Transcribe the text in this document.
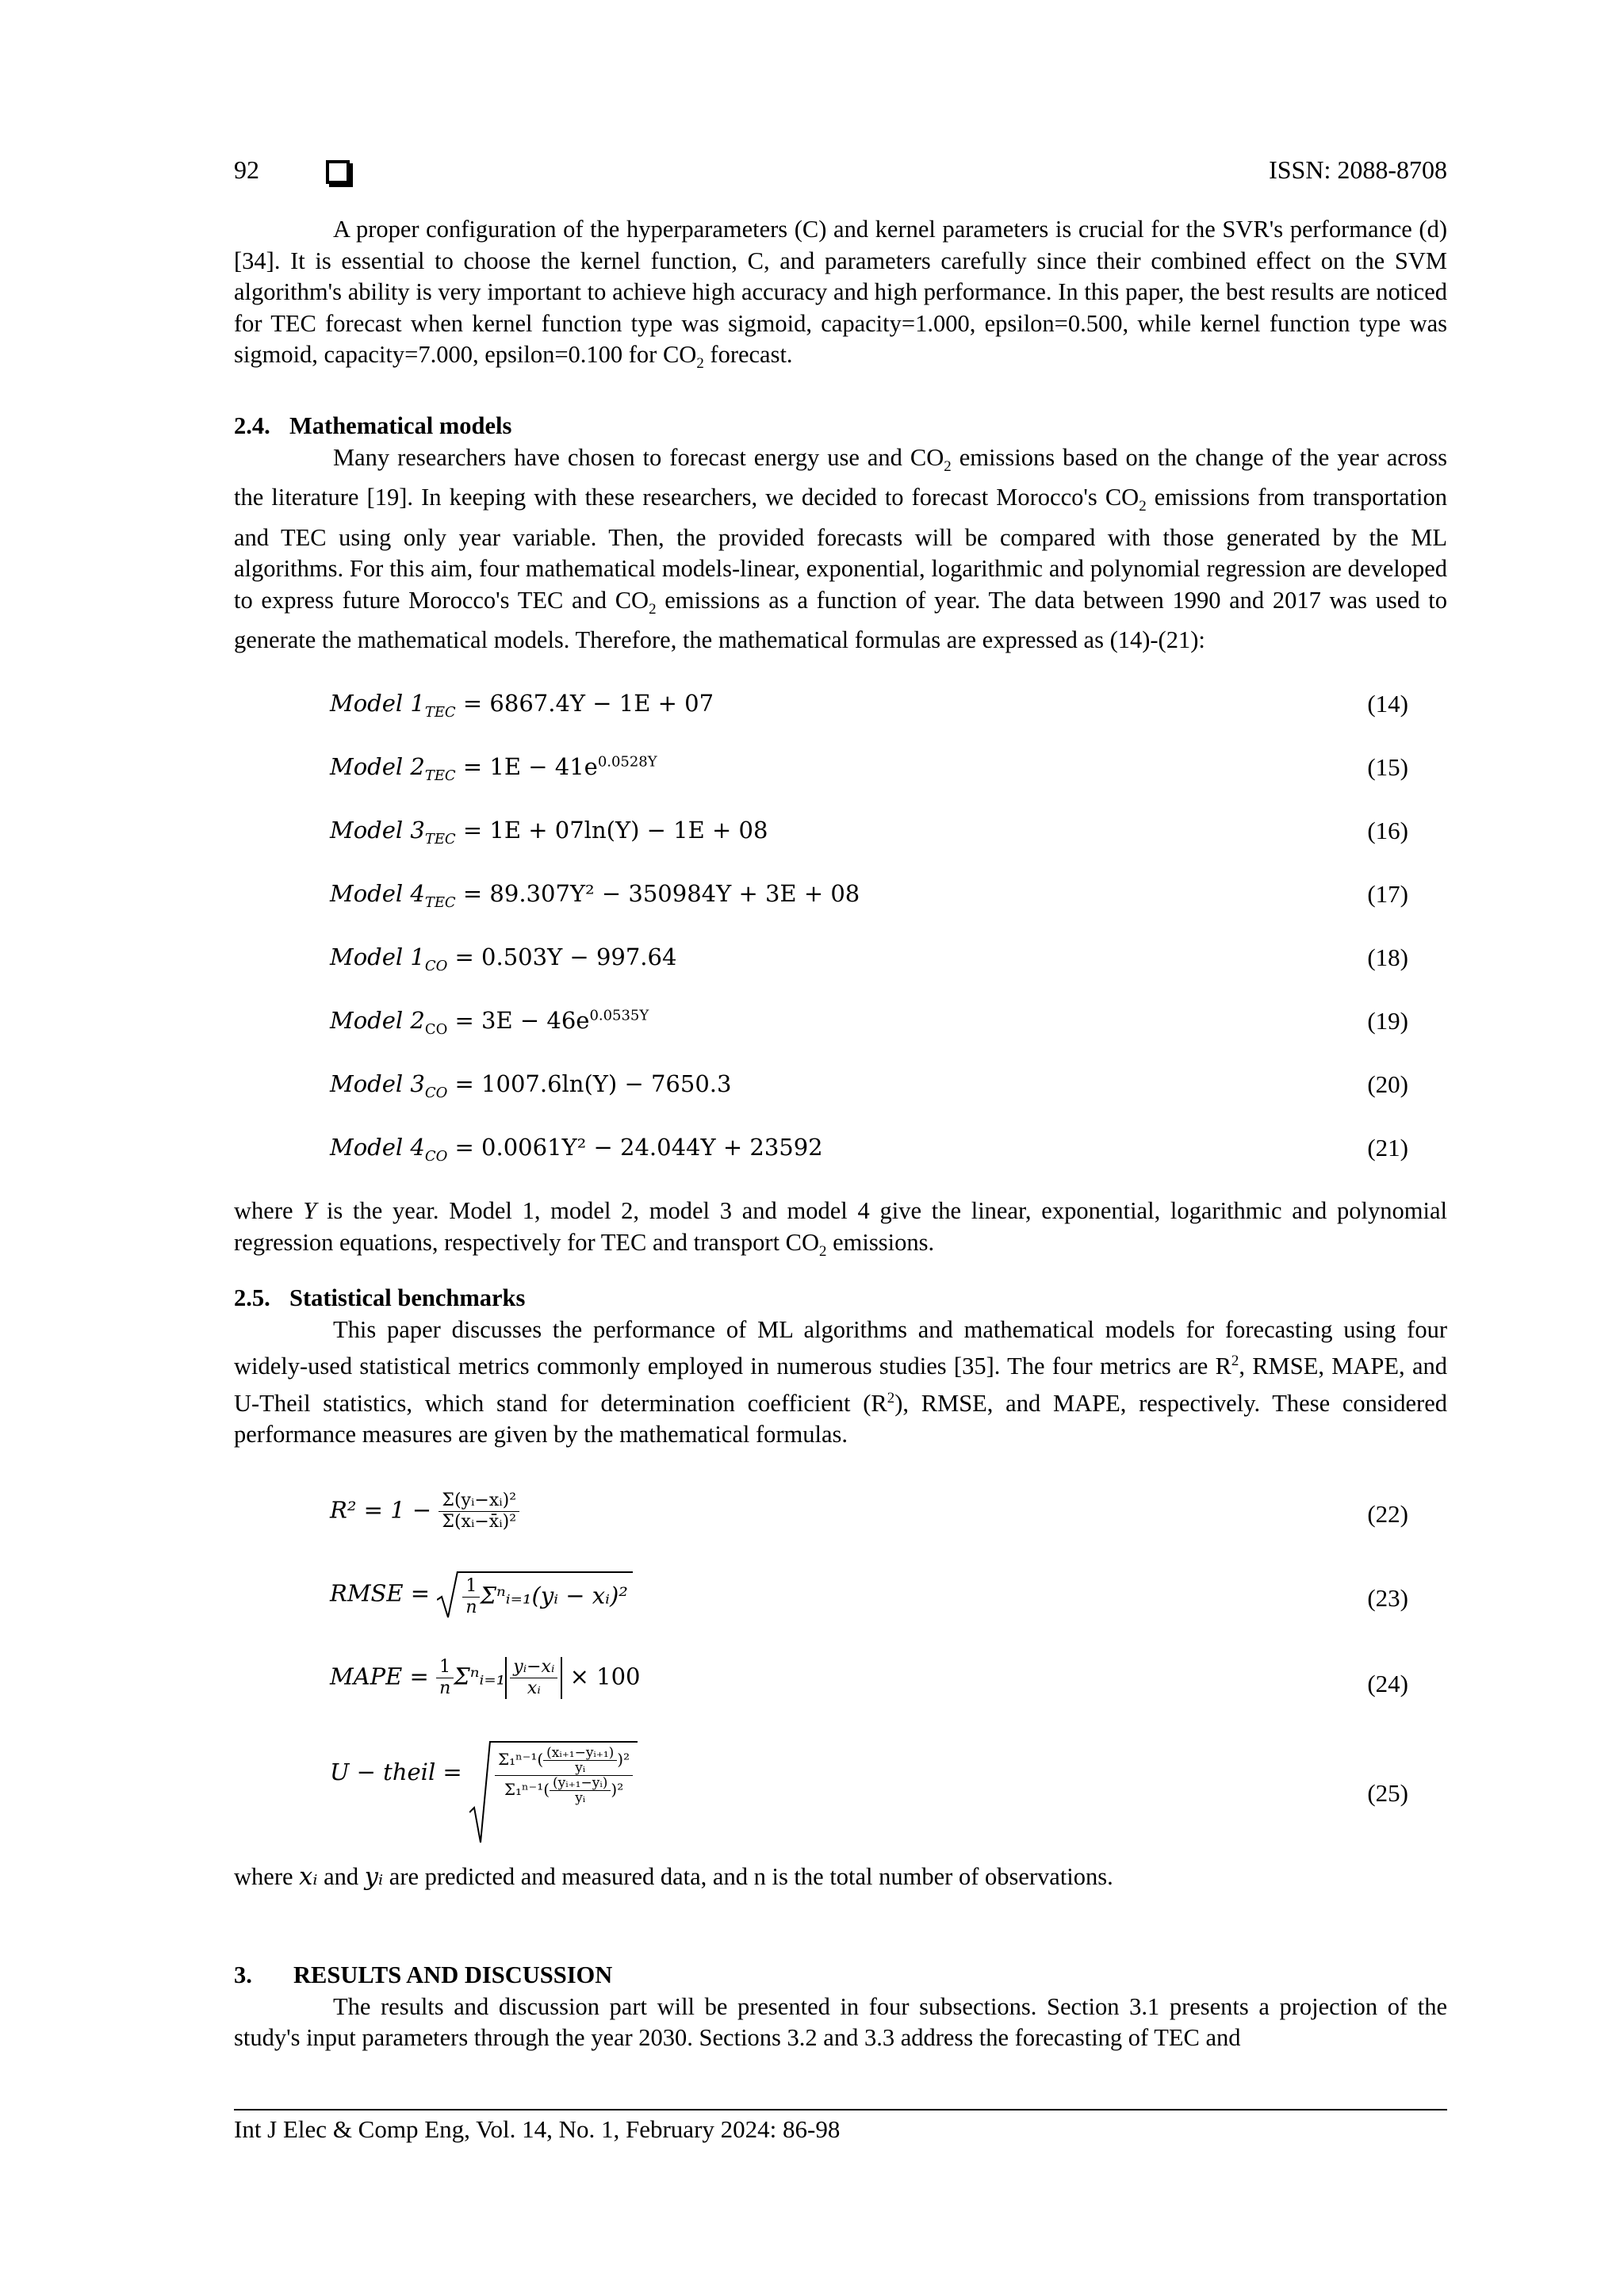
92	ISSN: 2088-8708

A proper configuration of the hyperparameters (C) and kernel parameters is crucial for the SVR's performance (d) [34]. It is essential to choose the kernel function, C, and parameters carefully since their combined effect on the SVM algorithm's ability is very important to achieve high accuracy and high performance. In this paper, the best results are noticed for TEC forecast when kernel function type was sigmoid, capacity=1.000, epsilon=0.500, while kernel function type was sigmoid, capacity=7.000, epsilon=0.100 for $CO_2$ forecast.

2.4. Mathematical models

Many researchers have chosen to forecast energy use and $CO_2$ emissions based on the change of the year across the literature [19]. In keeping with these researchers, we decided to forecast Morocco's $CO_2$ emissions from transportation and TEC using only year variable. Then, the provided forecasts will be compared with those generated by the ML algorithms. For this aim, four mathematical models-linear, exponential, logarithmic and polynomial regression are developed to express future Morocco's TEC and $CO_2$ emissions as a function of year. The data between 1990 and 2017 was used to generate the mathematical models. Therefore, the mathematical formulas are expressed as (14)-(21):

Model $1_{TEC} = 6867.4Y - 1E + 07$	(14)
Model $2_{TEC} = 1E - 41e^{0.0528Y}$	(15)
Model $3_{TEC} = 1E + 07\ln(Y) - 1E + 08$	(16)
Model $4_{TEC} = 89.307Y^2 - 350984Y + 3E + 08$	(17)
Model $1_{CO} = 0.503Y - 997.64$	(18)
Model $2_{CO} = 3E - 46e^{0.0535Y}$	(19)
Model $3_{CO} = 1007.6\ln(Y) - 7650.3$	(20)
Model $4_{CO} = 0.0061Y^2 - 24.044Y + 23592$	(21)

where Y is the year. Model 1, model 2, model 3 and model 4 give the linear, exponential, logarithmic and polynomial regression equations, respectively for TEC and transport $CO_2$ emissions.

2.5. Statistical benchmarks

This paper discusses the performance of ML algorithms and mathematical models for forecasting using four widely-used statistical metrics commonly employed in numerous studies [35]. The four metrics are $R^2$, RMSE, MAPE, and U-Theil statistics, which stand for determination coefficient $(R^2)$, RMSE, and MAPE, respectively. These considered performance measures are given by the mathematical formulas.

$R^2 = 1 - \frac{\text{Σ(yᵢ−xᵢ)²}}{\text{Σ(xᵢ−x̄ᵢ)²}}$	(22)
RMSE = $\frac{1}{n}$ Σⁿᵢ₌₁(yᵢ − xᵢ)²	(23)
MAPE = $\frac{1}{n}$ Σⁿᵢ₌₁ $\frac{\text{yᵢ−xᵢ}}{\text{xᵢ}} \times 100$	(24)
U − theil = $\frac{\Sigma_1^{n-1}( \frac{\text{(xᵢ₊₁−yᵢ₊₁)}}{\text{yᵢ}} )^2}{\Sigma_1^{n-1}( \frac{\text{(yᵢ₊₁−yᵢ)}}{\text{yᵢ}} )^2}$	(25)

where xᵢ and yᵢ are predicted and measured data, and n is the total number of observations.

3. RESULTS AND DISCUSSION

The results and discussion part will be presented in four subsections. Section 3.1 presents a projection of the study's input parameters through the year 2030. Sections 3.2 and 3.3 address the forecasting of TEC and

Int J Elec & Comp Eng, Vol. 14, No. 1, February 2024: 86-98
